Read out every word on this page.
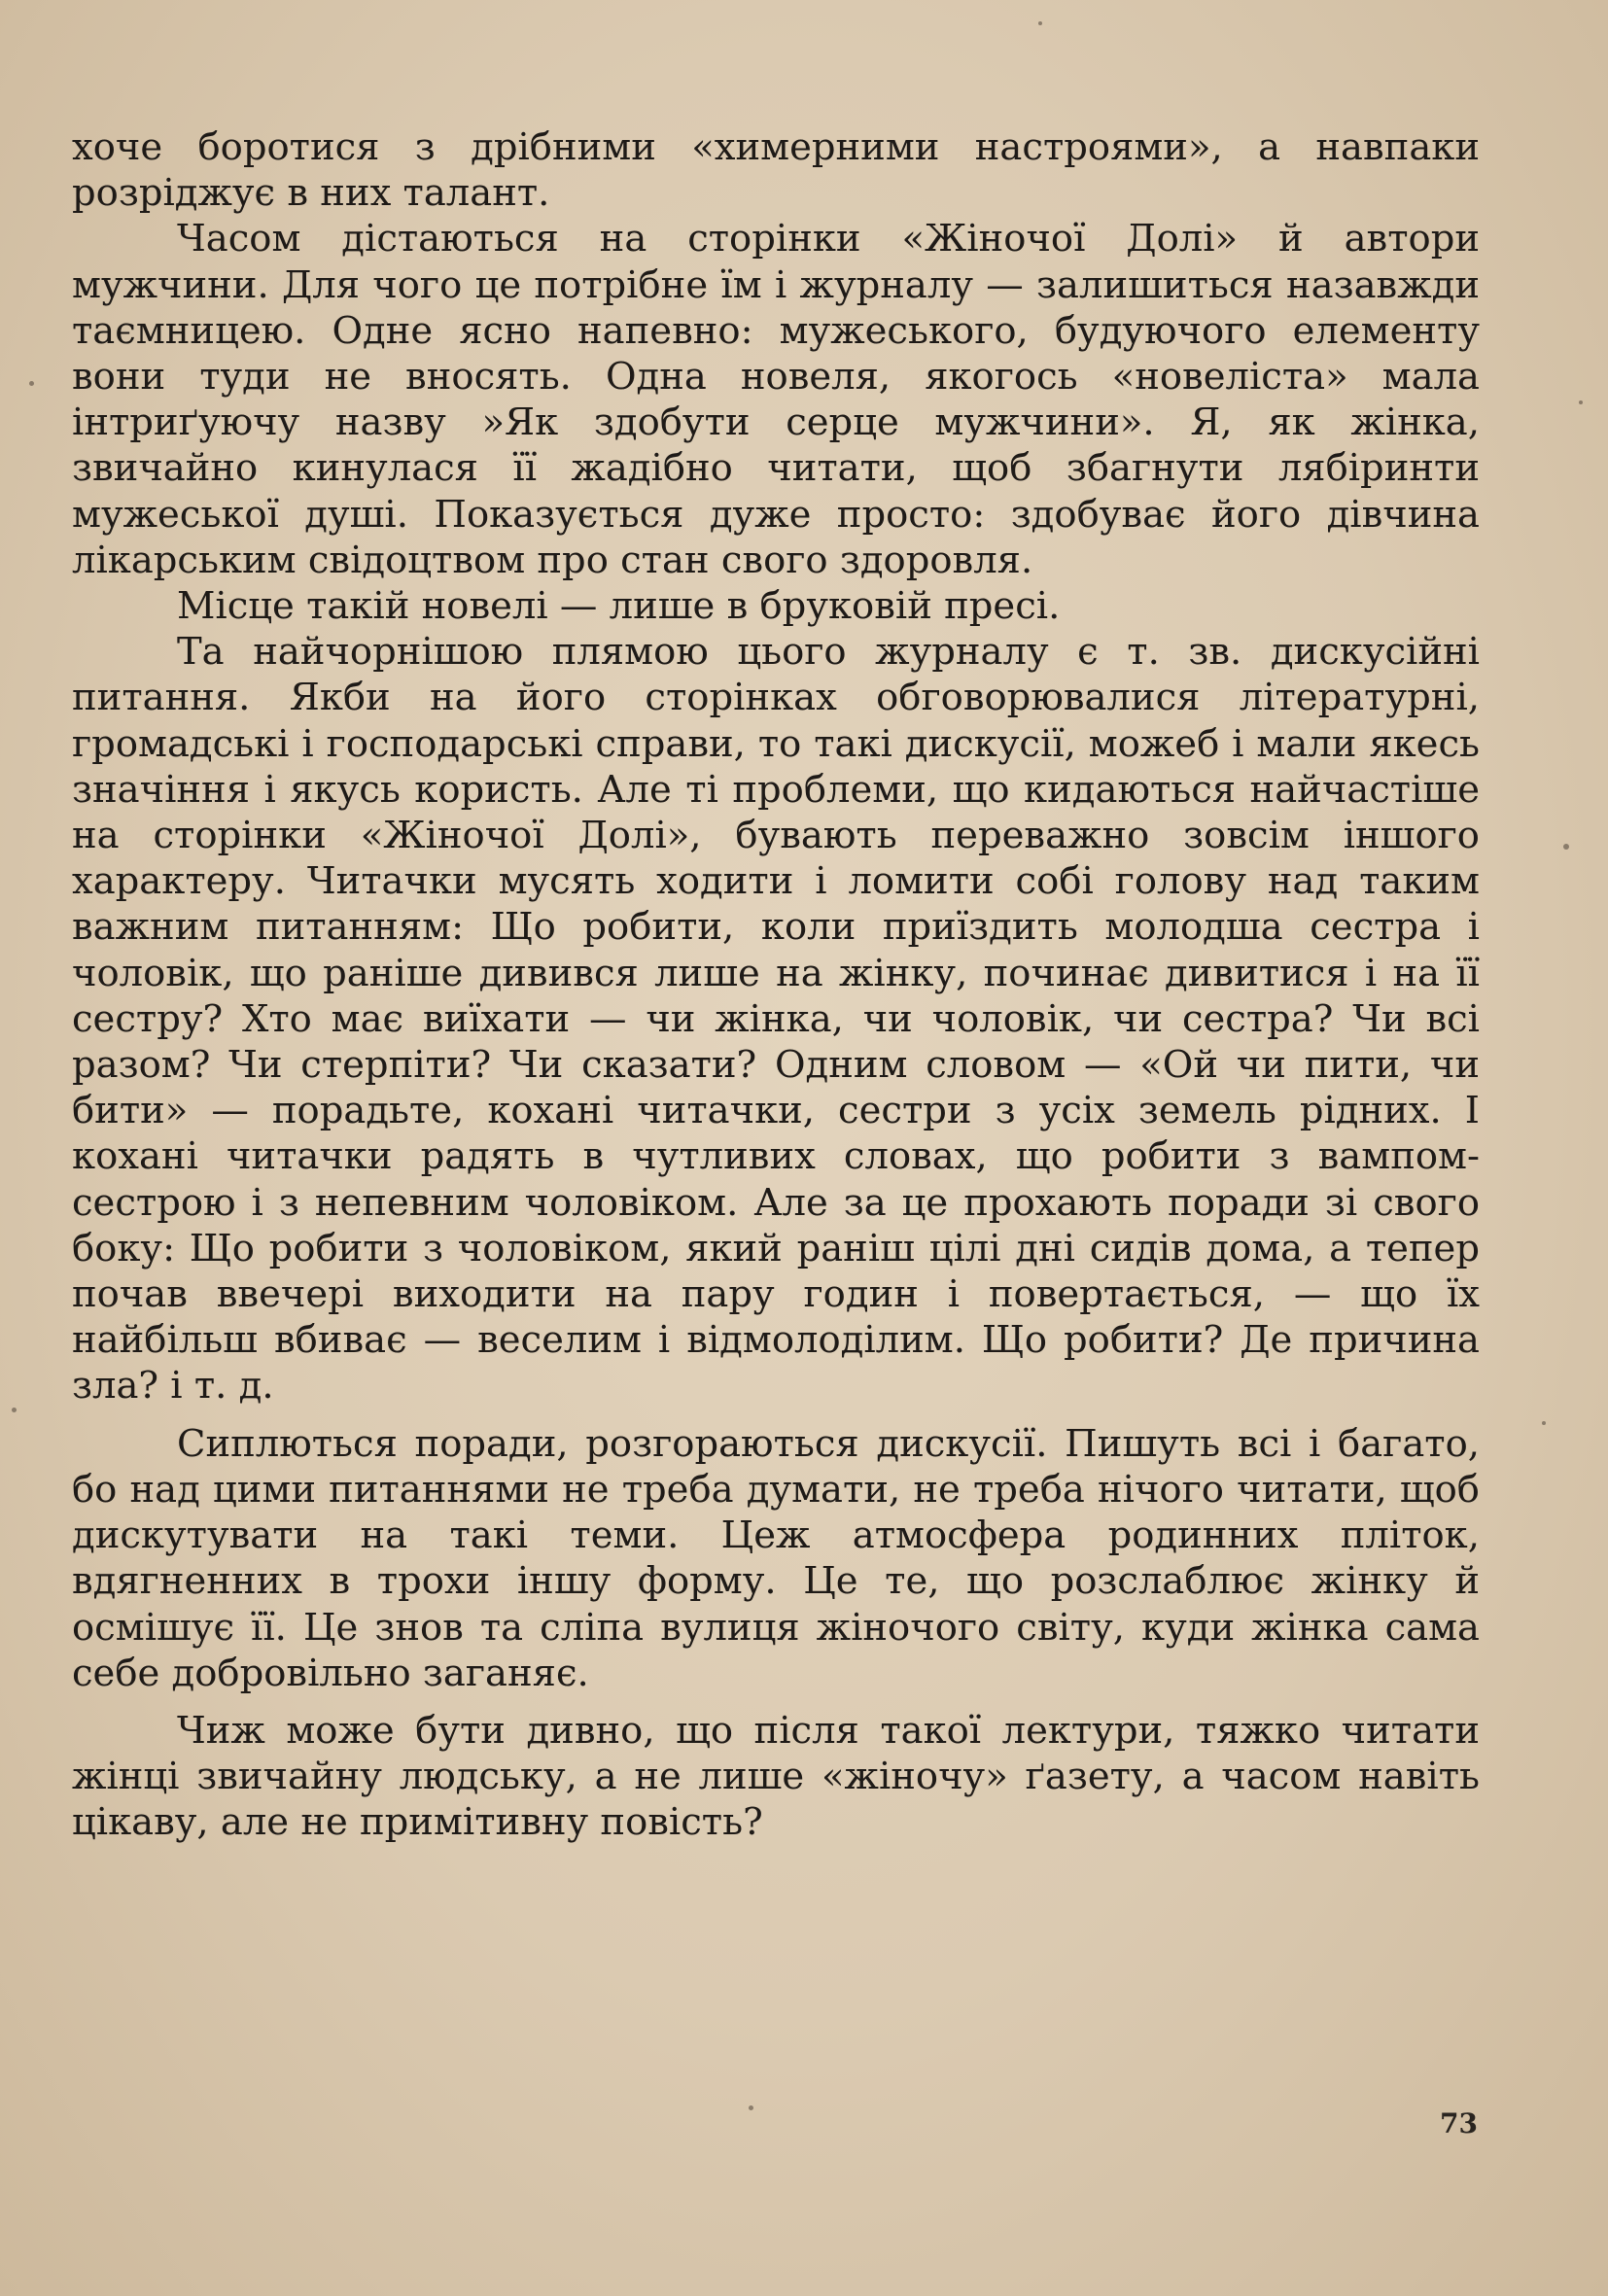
хоче боротися з дрібними «химерними настроями», а навпаки розріджує в них талант.

Часом дістаються на сторінки «Жіночої Долі» й автори мужчини. Для чого це потрібне їм і журналу — залишиться назавжди таємницею. Одне ясно напевно: мужеського, будуючого елементу вони туди не вносять. Одна новеля, якогось «новеліста» мала інтриґуючу назву »Як здобути серце мужчини». Я, як жінка, звичайно кинулася її жадібно читати, щоб збагнути лябіринти мужеської душі. Показується дуже просто: здобуває його дівчина лікарським свідоцтвом про стан свого здоровля.

Місце такій новелі — лише в бруковій пресі.

Та найчорнішою плямою цього журналу є т. зв. дискусійні питання. Якби на його сторінках обговорювалися літературні, громадські і господарські справи, то такі дискусії, можеб і мали якесь значіння і якусь користь. Але ті проблеми, що кидаються найчастіше на сторінки «Жіночої Долі», бувають переважно зовсім іншого характеру. Читачки мусять ходити і ломити собі голову над таким важним питанням: Що робити, коли приїздить молодша сестра і чоловік, що раніше дивився лише на жінку, починає дивитися і на її сестру? Хто має виїхати — чи жінка, чи чоловік, чи сестра? Чи всі разом? Чи стерпіти? Чи сказати? Одним словом — «Ой чи пити, чи бити» — порадьте, кохані читачки, сестри з усіх земель рідних. І кохані читачки радять в чутливих словах, що робити з вампом-сестрою і з непевним чоловіком. Але за це прохають поради зі свого боку: Що робити з чоловіком, який раніш цілі дні сидів дома, а тепер почав ввечері виходити на пару годин і повертається, — що їх найбільш вбиває — веселим і відмолоділим. Що робити? Де причина зла? і т. д.

Сиплються поради, розгораються дискусії. Пишуть всі і багато, бо над цими питаннями не треба думати, не треба нічого читати, щоб дискутувати на такі теми. Цеж атмосфера родинних пліток, вдягненних в трохи іншу форму. Це те, що розслаблює жінку й осмішує її. Це знов та сліпа вулиця жіночого світу, куди жінка сама себе добровільно заганяє.

Чиж може бути дивно, що після такої лектури, тяжко читати жінці звичайну людську, а не лише «жіночу» ґазету, а часом навіть цікаву, але не примітивну повість?

73
